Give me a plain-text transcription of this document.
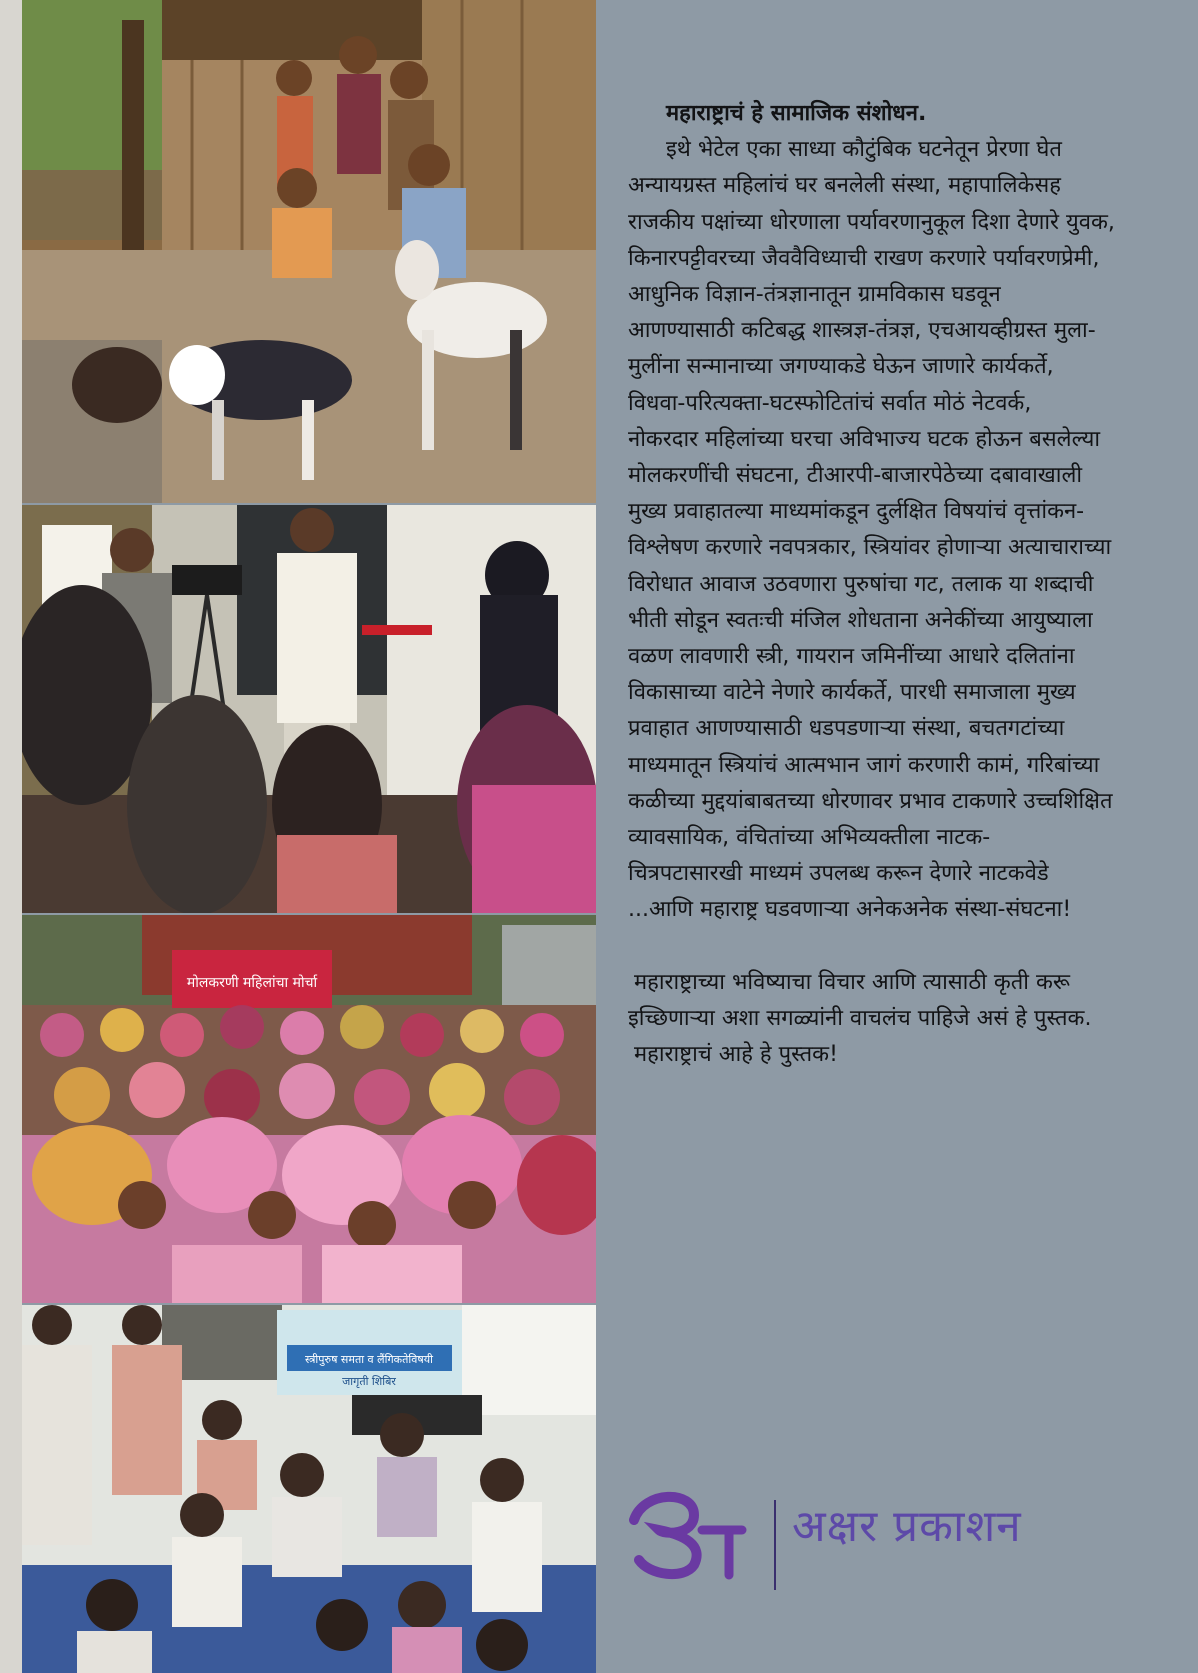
मोलकरणी महिलांचा मोर्चा
स्त्रीपुरुष समता व लैंगिकतेविषयी
जागृती शिबिर

महाराष्ट्राचं हे सामाजिक संशोधन.

इथे भेटेल एका साध्या कौटुंबिक घटनेतून प्रेरणा घेत

अन्यायग्रस्त महिलांचं घर बनलेली संस्था, महापालिकेसह

राजकीय पक्षांच्या धोरणाला पर्यावरणानुकूल दिशा देणारे युवक,

किनारपट्टीवरच्या जैववैविध्याची राखण करणारे पर्यावरणप्रेमी,

आधुनिक विज्ञान-तंत्रज्ञानातून ग्रामविकास घडवून

आणण्यासाठी कटिबद्ध शास्त्रज्ञ-तंत्रज्ञ, एचआयव्हीग्रस्त मुला-

मुलींना सन्मानाच्या जगण्याकडे घेऊन जाणारे कार्यकर्ते,

विधवा-परित्यक्ता-घटस्फोटितांचं सर्वात मोठं नेटवर्क,

नोकरदार महिलांच्या घरचा अविभाज्य घटक होऊन बसलेल्या

मोलकरणींची संघटना, टीआरपी-बाजारपेठेच्या दबावाखाली

मुख्य प्रवाहातल्या माध्यमांकडून दुर्लक्षित विषयांचं वृत्तांकन-

विश्लेषण करणारे नवपत्रकार, स्त्रियांवर होणाऱ्या अत्याचाराच्या

विरोधात आवाज उठवणारा पुरुषांचा गट, तलाक या शब्दाची

भीती सोडून स्वतःची मंजिल शोधताना अनेकींच्या आयुष्याला

वळण लावणारी स्त्री, गायरान जमिनींच्या आधारे दलितांना

विकासाच्या वाटेने नेणारे कार्यकर्ते, पारधी समाजाला मुख्य

प्रवाहात आणण्यासाठी धडपडणाऱ्या संस्था, बचतगटांच्या

माध्यमातून स्त्रियांचं आत्मभान जागं करणारी कामं, गरिबांच्या

कळीच्या मुद्दयांबाबतच्या धोरणावर प्रभाव टाकणारे उच्चशिक्षित

व्यावसायिक, वंचितांच्या अभिव्यक्तीला नाटक-

चित्रपटासारखी माध्यमं उपलब्ध करून देणारे नाटकवेडे

...आणि महाराष्ट्र घडवणाऱ्या अनेकअनेक संस्था-संघटना!

महाराष्ट्राच्या भविष्याचा विचार आणि त्यासाठी कृती करू

इच्छिणाऱ्या अशा सगळ्यांनी वाचलंच पाहिजे असं हे पुस्तक.

महाराष्ट्राचं आहे हे पुस्तक!

अक्षर प्रकाशन
